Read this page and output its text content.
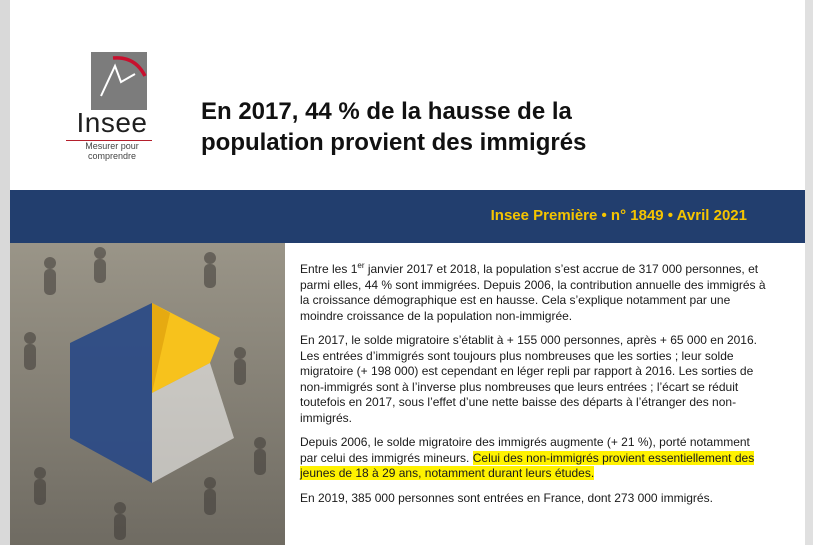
Insee
Mesurer pour comprendre
En 2017, 44 % de la hausse de la
population provient des immigrés
Insee Première • n° 1849 • Avril 2021

Entre les 1er janvier 2017 et 2018, la population s’est accrue de 317 000 personnes, et parmi elles, 44 % sont immigrées. Depuis 2006, la contribution annuelle des immigrés à la croissance démographique est en hausse. Cela s’explique notamment par une moindre croissance de la population non-immigrée.

En 2017, le solde migratoire s’établit à + 155 000 personnes, après + 65 000 en 2016. Les entrées d’immigrés sont toujours plus nombreuses que les sorties ; leur solde migratoire (+ 198 000) est cependant en léger repli par rapport à 2016. Les sorties de non-immigrés sont à l’inverse plus nombreuses que leurs entrées ; l’écart se réduit toutefois en 2017, sous l’effet d’une nette baisse des départs à l’étranger des non-immigrés.

Depuis 2006, le solde migratoire des immigrés augmente (+ 21 %), porté notamment par celui des immigrés mineurs. Celui des non-immigrés provient essentiellement des jeunes de 18 à 29 ans, notamment durant leurs études.

En 2019, 385 000 personnes sont entrées en France, dont 273 000 immigrés.
